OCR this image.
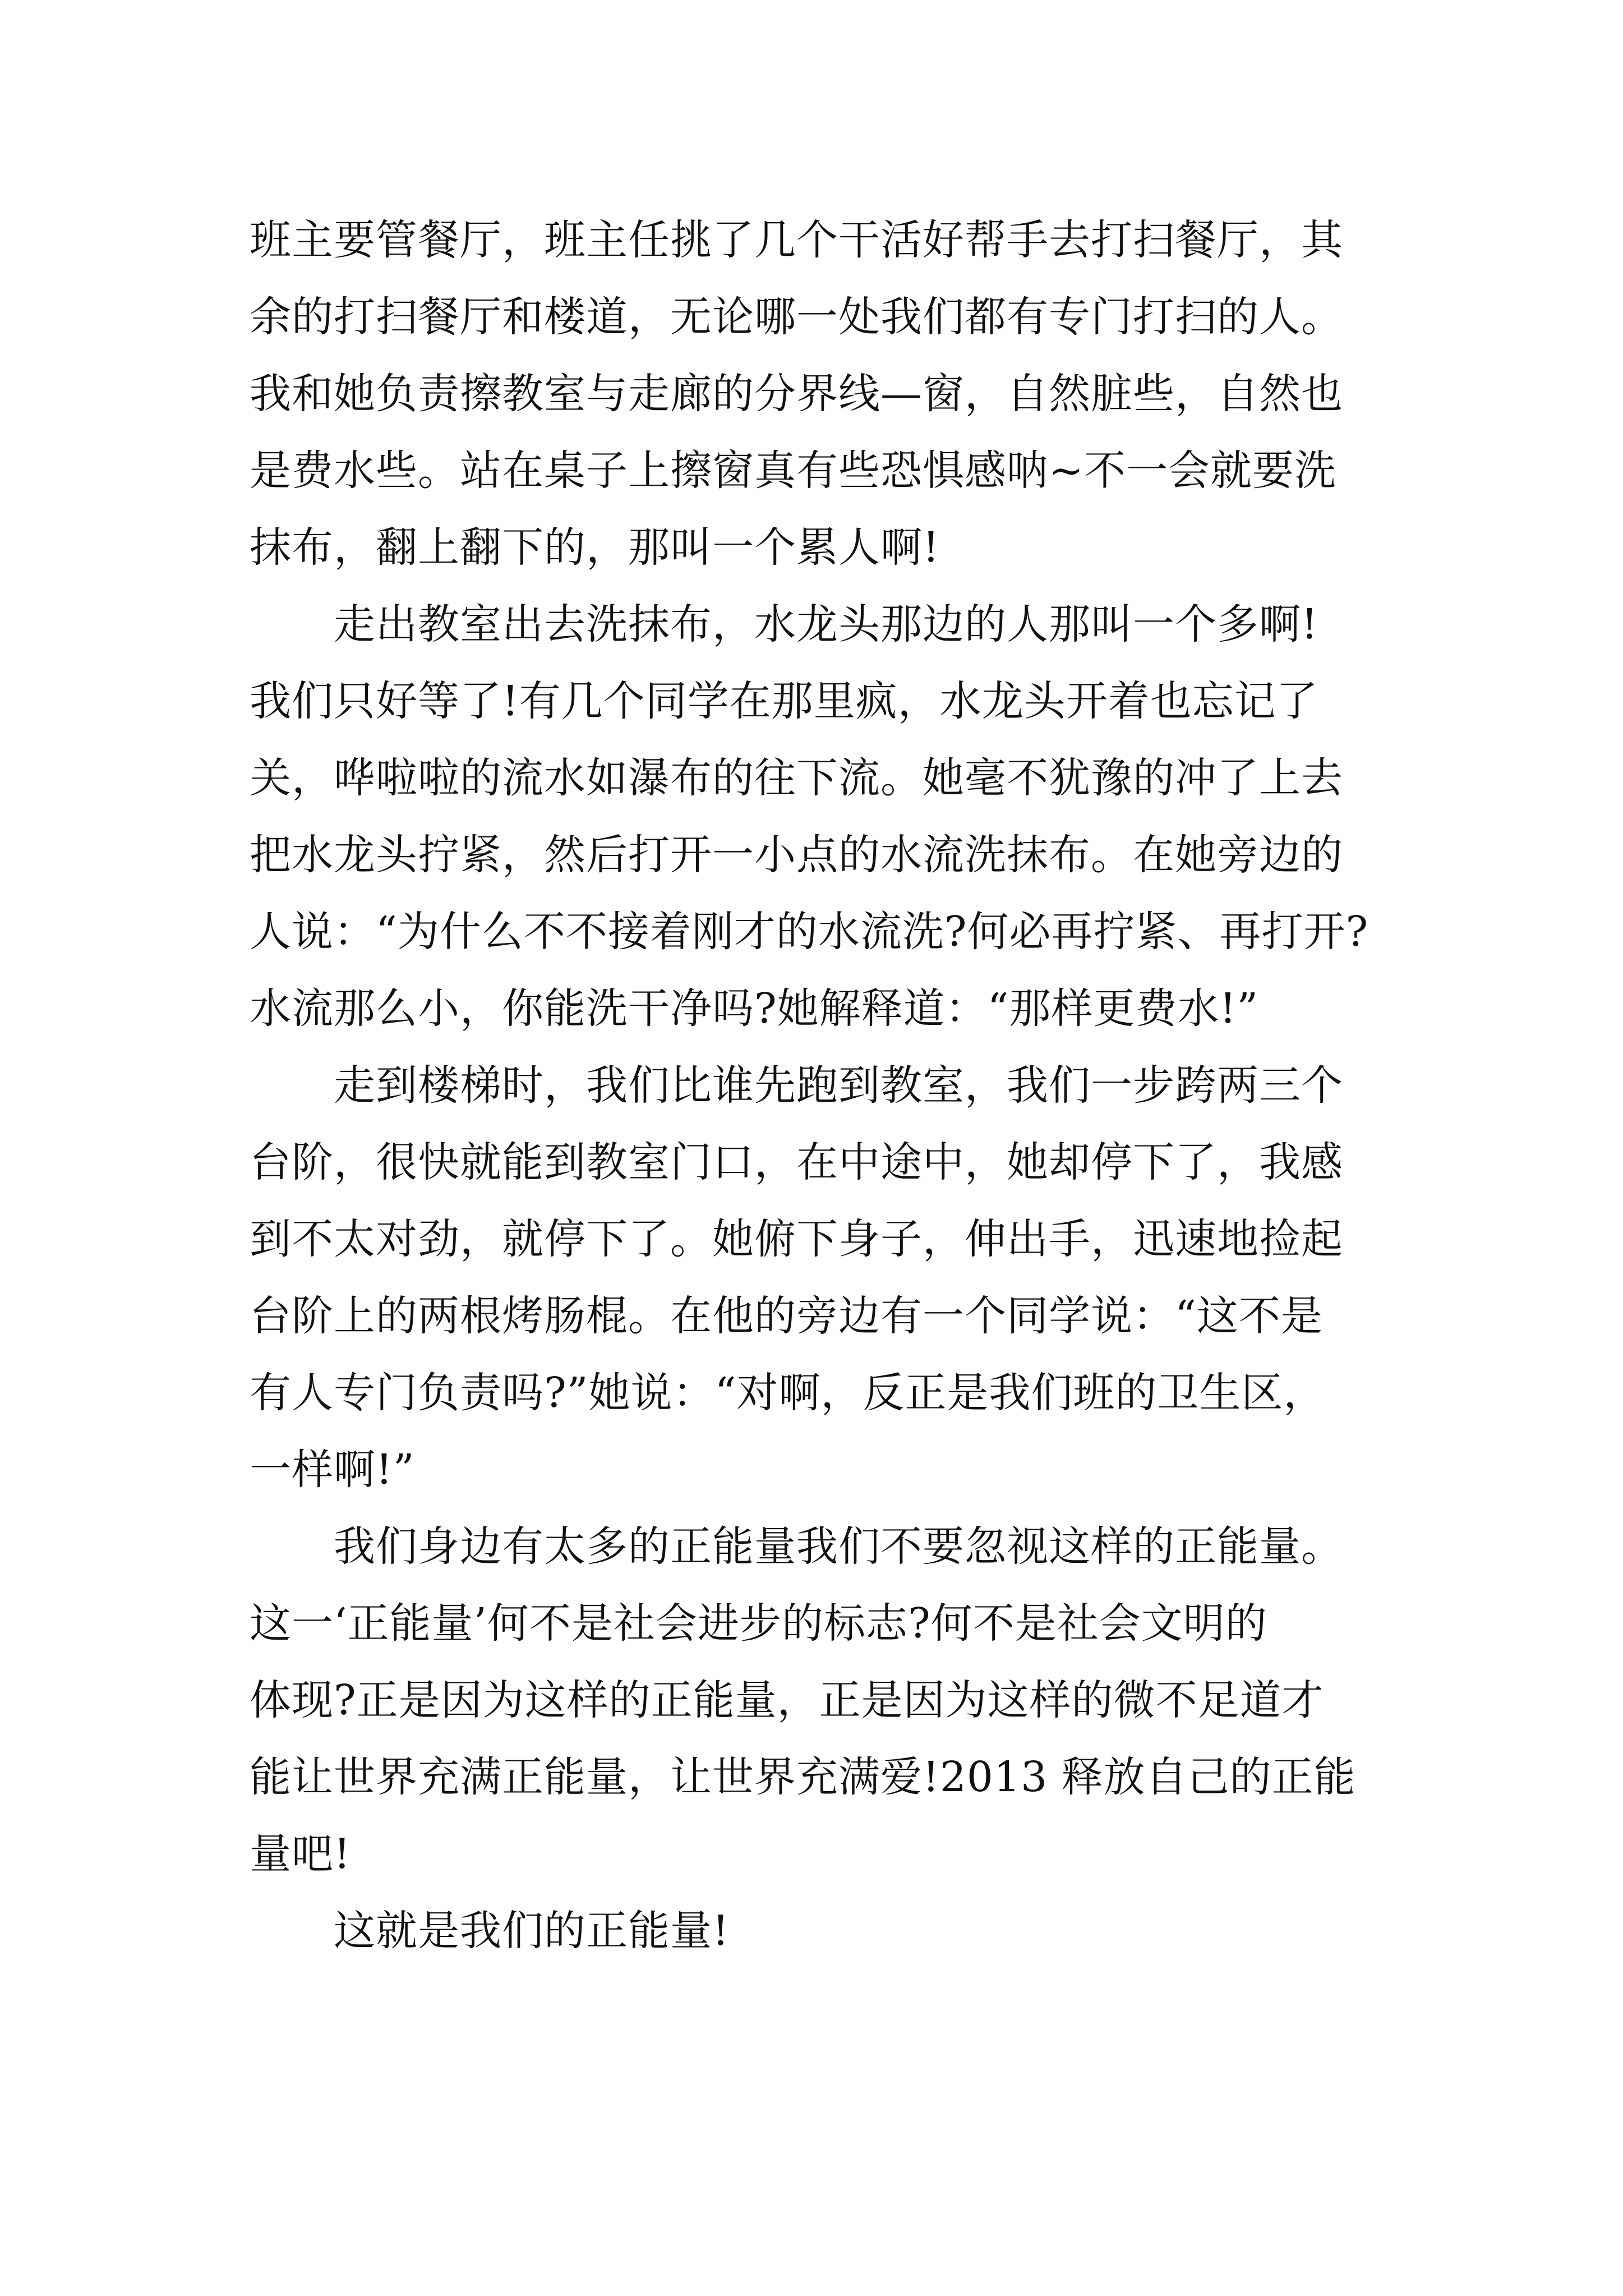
班主要管餐厅，班主任挑了几个干活好帮手去打扫餐厅，其
余的打扫餐厅和楼道，无论哪一处我们都有专门打扫的人。
我和她负责擦教室与走廊的分界线—窗，自然脏些，自然也
是费水些。站在桌子上擦窗真有些恐惧感呐~不一会就要洗
抹布，翻上翻下的，那叫一个累人啊!
走出教室出去洗抹布，水龙头那边的人那叫一个多啊!
我们只好等了!有几个同学在那里疯，水龙头开着也忘记了
关，哗啦啦的流水如瀑布的往下流。她毫不犹豫的冲了上去
把水龙头拧紧，然后打开一小点的水流洗抹布。在她旁边的
人说：“为什么不不接着刚才的水流洗?何必再拧紧、再打开?
水流那么小，你能洗干净吗?她解释道：“那样更费水!”
走到楼梯时，我们比谁先跑到教室，我们一步跨两三个
台阶，很快就能到教室门口，在中途中，她却停下了，我感
到不太对劲，就停下了。她俯下身子，伸出手，迅速地捡起
台阶上的两根烤肠棍。在他的旁边有一个同学说：“这不是
有人专门负责吗?”她说：“对啊，反正是我们班的卫生区，
一样啊!”
我们身边有太多的正能量我们不要忽视这样的正能量。
这一‘正能量’何不是社会进步的标志?何不是社会文明的
体现?正是因为这样的正能量，正是因为这样的微不足道才
能让世界充满正能量，让世界充满爱!2013 释放自己的正能
量吧!
这就是我们的正能量!
